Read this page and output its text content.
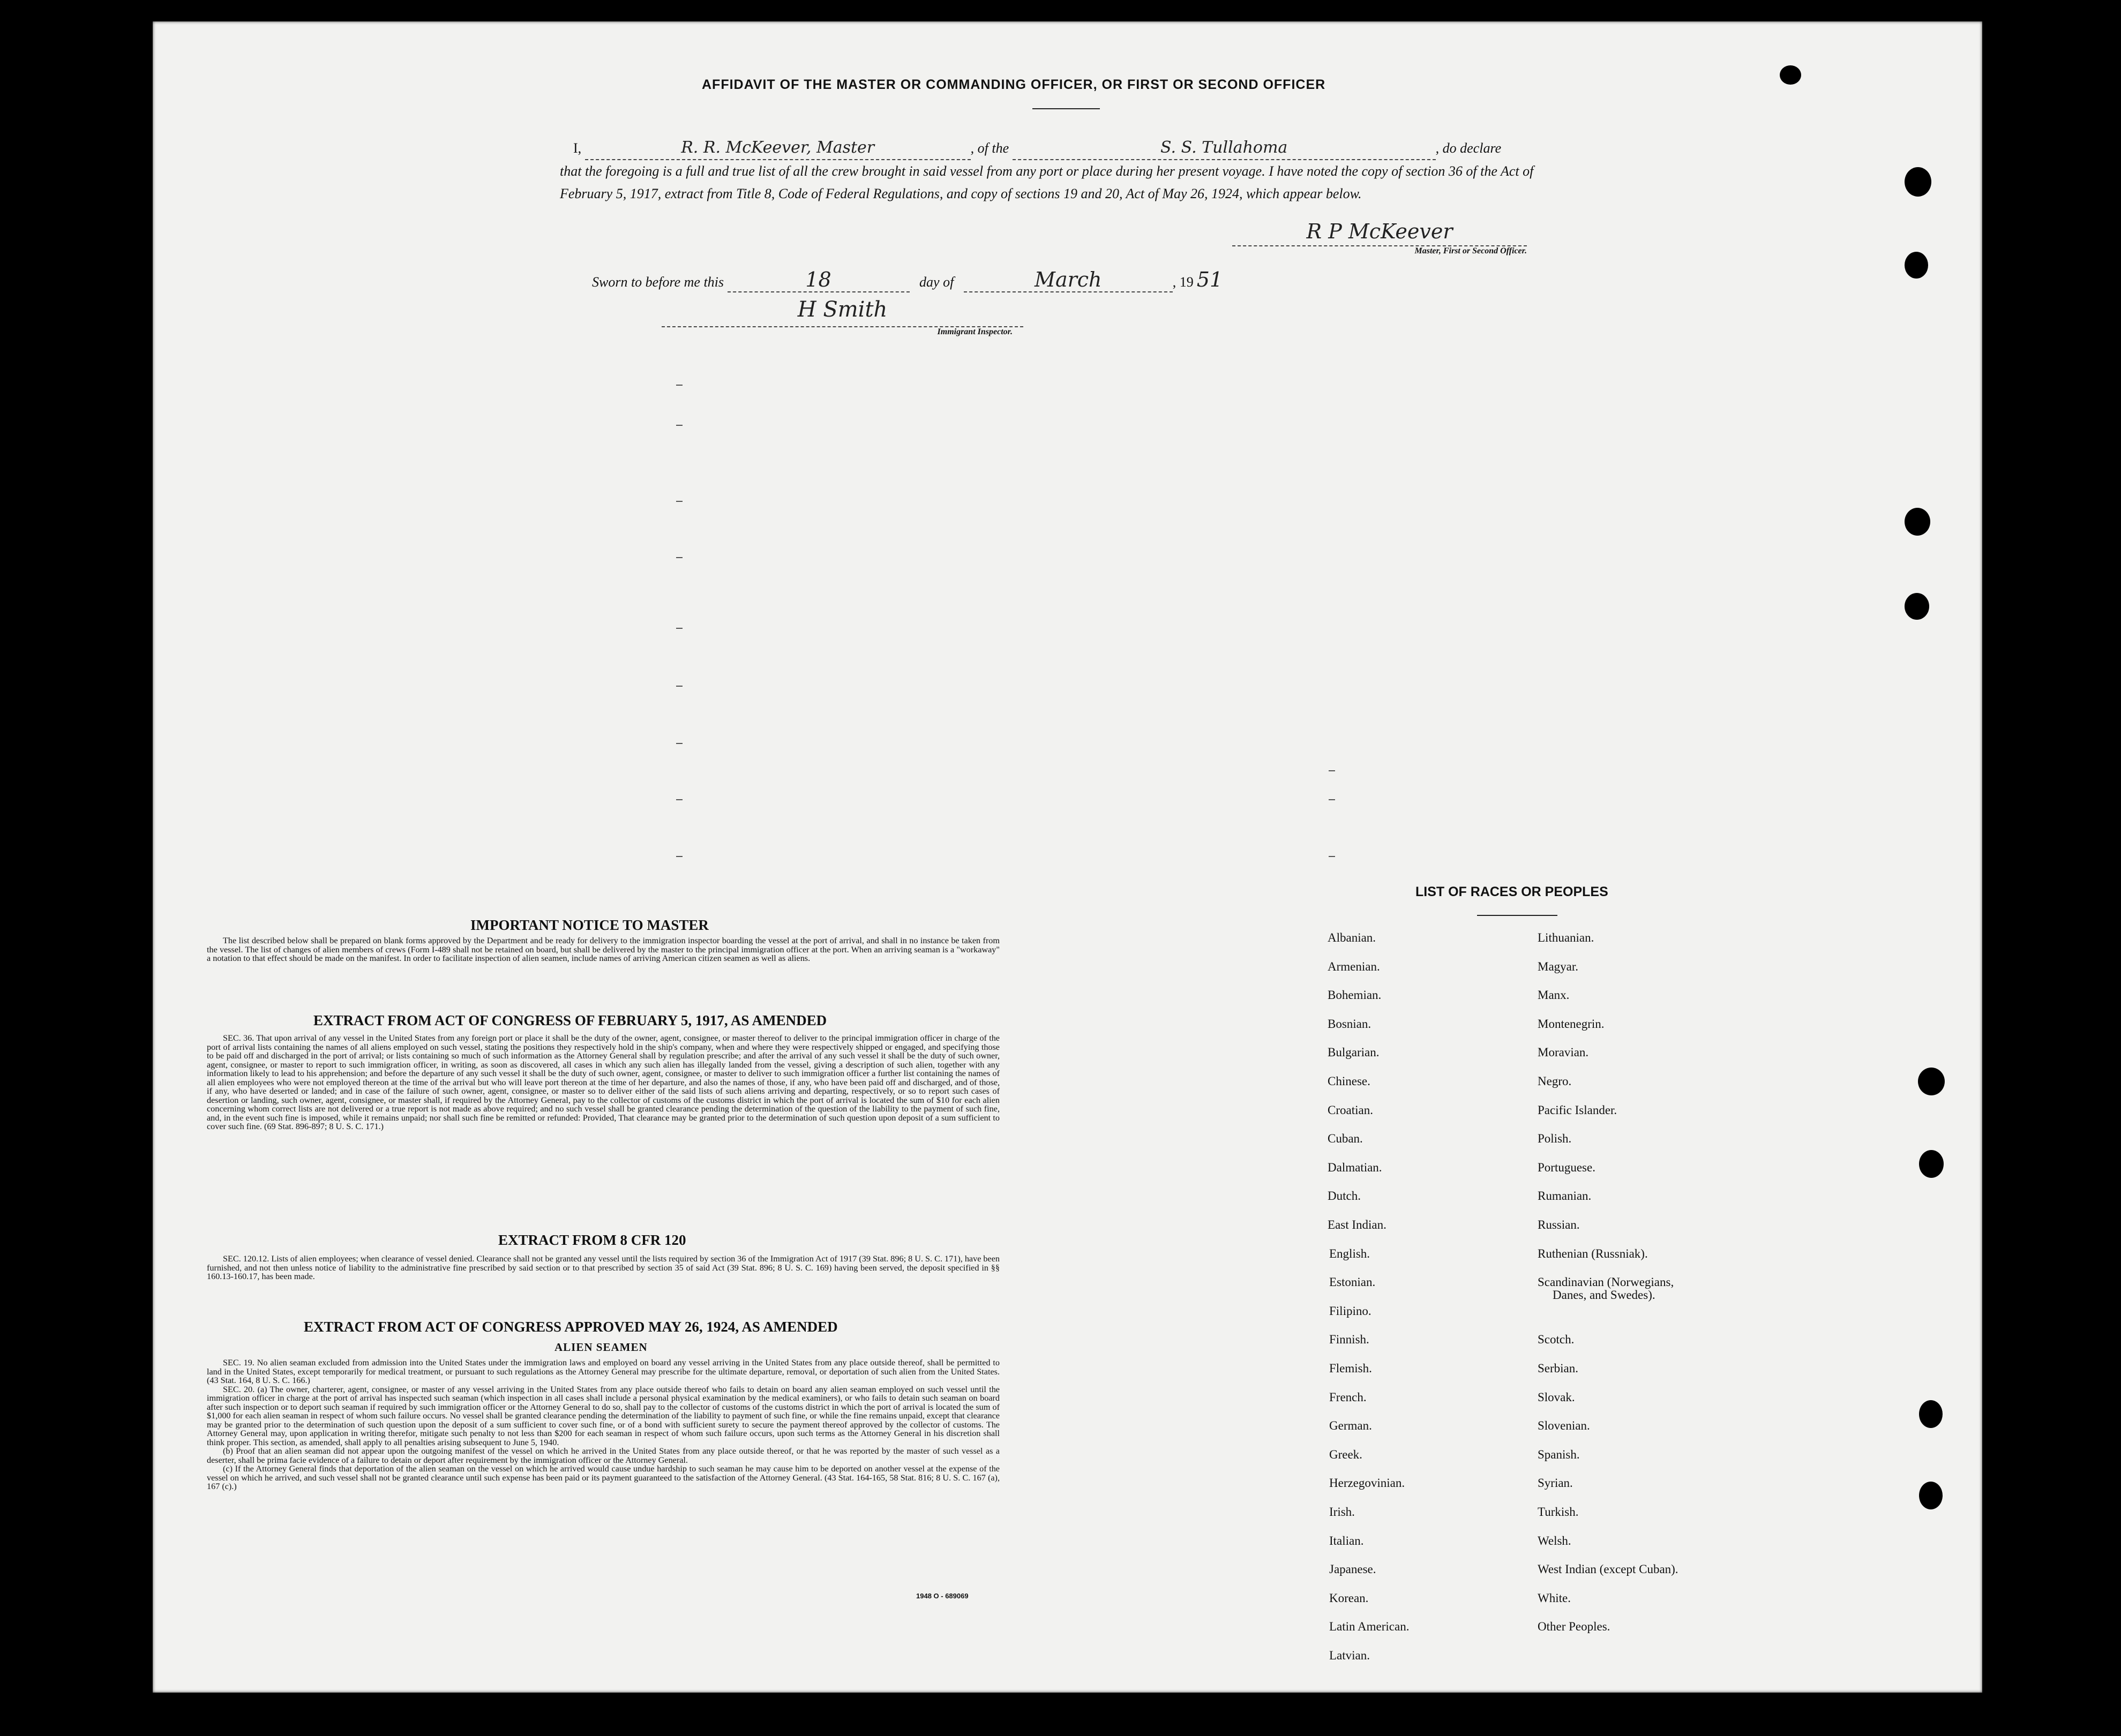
AFFIDAVIT OF THE MASTER OR COMMANDING OFFICER, OR FIRST OR SECOND OFFICER
I,	R. R. McKeever, Master	, of the	S. S. Tullahoma	, do declare
that the foregoing is a full and true list of all the crew brought in said vessel from any port or place during her present voyage. I have noted the copy of section 36 of the Act of February 5, 1917, extract from Title 8, Code of Federal Regulations, and copy of sections 19 and 20, Act of May 26, 1924, which appear below.
R P McKeever
Master, First or Second Officer.
Sworn to before me this	18	day of	March	, 19 51
H Smith
Immigrant Inspector.
IMPORTANT NOTICE TO MASTER

The list described below shall be prepared on blank forms approved by the Department and be ready for delivery to the immigration inspector boarding the vessel at the port of arrival, and shall in no instance be taken from the vessel. The list of changes of alien members of crews (Form I-489 shall not be retained on board, but shall be delivered by the master to the principal immigration officer at the port. When an arriving seaman is a "workaway" a notation to that effect should be made on the manifest. In order to facilitate inspection of alien seamen, include names of arriving American citizen seamen as well as aliens.

EXTRACT FROM ACT OF CONGRESS OF FEBRUARY 5, 1917, AS AMENDED

SEC. 36. That upon arrival of any vessel in the United States from any foreign port or place it shall be the duty of the owner, agent, consignee, or master thereof to deliver to the principal immigration officer in charge of the port of arrival lists containing the names of all aliens employed on such vessel, stating the positions they respectively hold in the ship's company, when and where they were respectively shipped or engaged, and specifying those to be paid off and discharged in the port of arrival; or lists containing so much of such information as the Attorney General shall by regulation prescribe; and after the arrival of any such vessel it shall be the duty of such owner, agent, consignee, or master to report to such immigration officer, in writing, as soon as discovered, all cases in which any such alien has illegally landed from the vessel, giving a description of such alien, together with any information likely to lead to his apprehension; and before the departure of any such vessel it shall be the duty of such owner, agent, consignee, or master to deliver to such immigration officer a further list containing the names of all alien employees who were not employed thereon at the time of the arrival but who will leave port thereon at the time of her departure, and also the names of those, if any, who have been paid off and discharged, and of those, if any, who have deserted or landed; and in case of the failure of such owner, agent, consignee, or master so to deliver either of the said lists of such aliens arriving and departing, respectively, or so to report such cases of desertion or landing, such owner, agent, consignee, or master shall, if required by the Attorney General, pay to the collector of customs of the customs district in which the port of arrival is located the sum of $10 for each alien concerning whom correct lists are not delivered or a true report is not made as above required; and no such vessel shall be granted clearance pending the determination of the question of the liability to the payment of such fine, and, in the event such fine is imposed, while it remains unpaid; nor shall such fine be remitted or refunded: Provided, That clearance may be granted prior to the determination of such question upon deposit of a sum sufficient to cover such fine. (69 Stat. 896-897; 8 U. S. C. 171.)

EXTRACT FROM 8 CFR 120

SEC. 120.12. Lists of alien employees; when clearance of vessel denied. Clearance shall not be granted any vessel until the lists required by section 36 of the Immigration Act of 1917 (39 Stat. 896; 8 U. S. C. 171), have been furnished, and not then unless notice of liability to the administrative fine prescribed by said section or to that prescribed by section 35 of said Act (39 Stat. 896; 8 U. S. C. 169) having been served, the deposit specified in §§ 160.13-160.17, has been made.

EXTRACT FROM ACT OF CONGRESS APPROVED MAY 26, 1924, AS AMENDED
ALIEN SEAMEN

SEC. 19. No alien seaman excluded from admission into the United States under the immigration laws and employed on board any vessel arriving in the United States from any place outside thereof, shall be permitted to land in the United States, except temporarily for medical treatment, or pursuant to such regulations as the Attorney General may prescribe for the ultimate departure, removal, or deportation of such alien from the United States. (43 Stat. 164, 8 U. S. C. 166.)

SEC. 20. (a) The owner, charterer, agent, consignee, or master of any vessel arriving in the United States from any place outside thereof who fails to detain on board any alien seaman employed on such vessel until the immigration officer in charge at the port of arrival has inspected such seaman (which inspection in all cases shall include a personal physical examination by the medical examiners), or who fails to detain such seaman on board after such inspection or to deport such seaman if required by such immigration officer or the Attorney General to do so, shall pay to the collector of customs of the customs district in which the port of arrival is located the sum of $1,000 for each alien seaman in respect of whom such failure occurs. No vessel shall be granted clearance pending the determination of the liability to payment of such fine, or while the fine remains unpaid, except that clearance may be granted prior to the determination of such question upon the deposit of a sum sufficient to cover such fine, or of a bond with sufficient surety to secure the payment thereof approved by the collector of customs. The Attorney General may, upon application in writing therefor, mitigate such penalty to not less than $200 for each seaman in respect of whom such failure occurs, upon such terms as the Attorney General in his discretion shall think proper. This section, as amended, shall apply to all penalties arising subsequent to June 5, 1940.

(b) Proof that an alien seaman did not appear upon the outgoing manifest of the vessel on which he arrived in the United States from any place outside thereof, or that he was reported by the master of such vessel as a deserter, shall be prima facie evidence of a failure to detain or deport after requirement by the immigration officer or the Attorney General.

(c) If the Attorney General finds that deportation of the alien seaman on the vessel on which he arrived would cause undue hardship to such seaman he may cause him to be deported on another vessel at the expense of the vessel on which he arrived, and such vessel shall not be granted clearance until such expense has been paid or its payment guaranteed to the satisfaction of the Attorney General. (43 Stat. 164-165, 58 Stat. 816; 8 U. S. C. 167 (a), 167 (c).)

1948 O - 689069
LIST OF RACES OR PEOPLES
Albanian.
Armenian.
Bohemian.
Bosnian.
Bulgarian.
Chinese.
Croatian.
Cuban.
Dalmatian.
Dutch.
East Indian.
English.
Estonian.
Filipino.
Finnish.
Flemish.
French.
German.
Greek.
Herzegovinian.
Irish.
Italian.
Japanese.
Korean.
Latin American.
Latvian.
Lithuanian.
Magyar.
Manx.
Montenegrin.
Moravian.
Negro.
Pacific Islander.
Polish.
Portuguese.
Rumanian.
Russian.
Ruthenian (Russniak).
Scandinavian (Norwegians,
Danes, and Swedes).
Scotch.
Serbian.
Slovak.
Slovenian.
Spanish.
Syrian.
Turkish.
Welsh.
West Indian (except Cuban).
White.
Other Peoples.
